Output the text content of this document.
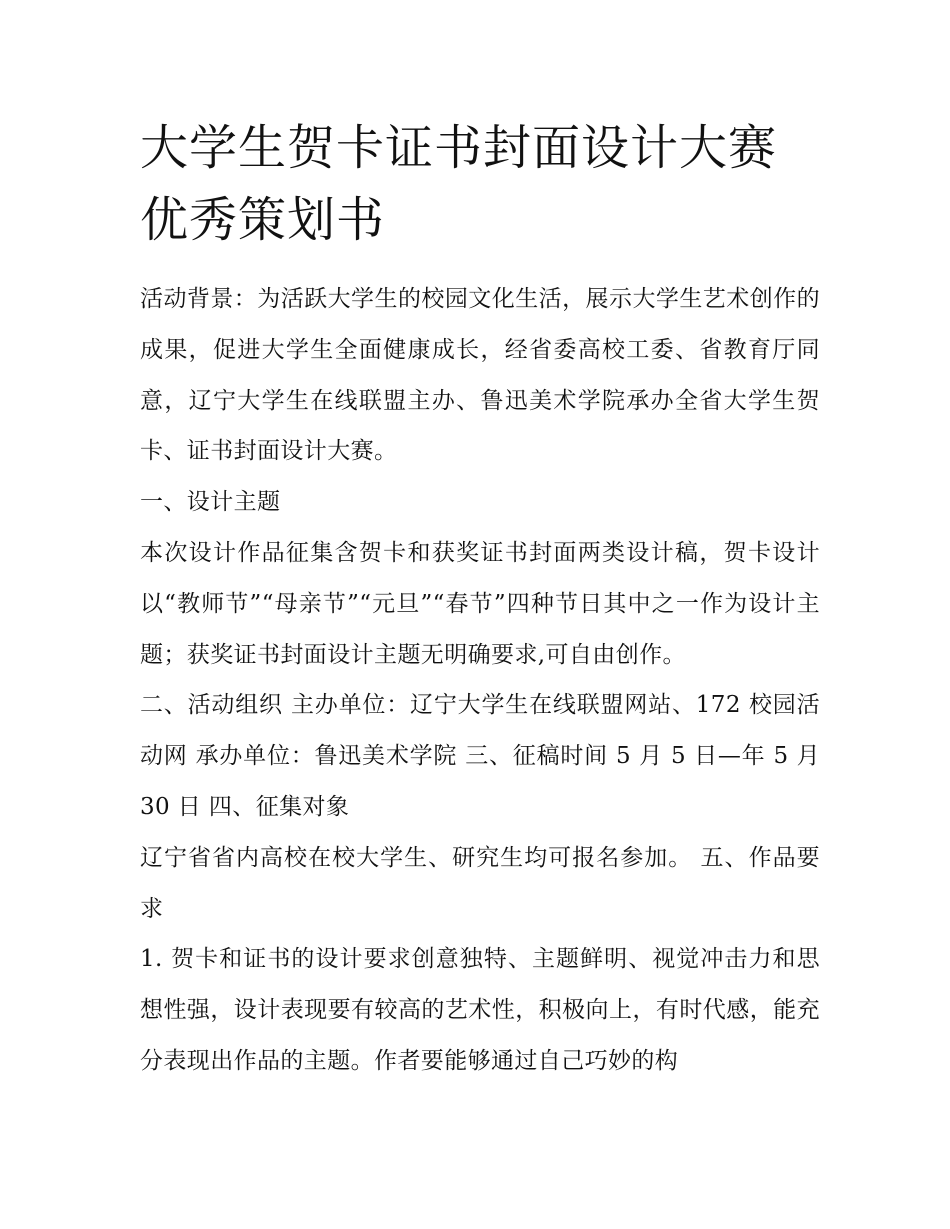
大学生贺卡证书封面设计大赛优秀策划书

活动背景：为活跃大学生的校园文化生活，展示大学生艺术创作的成果，促进大学生全面健康成长，经省委高校工委、省教育厅同意，辽宁大学生在线联盟主办、鲁迅美术学院承办全省大学生贺卡、证书封面设计大赛。

一、设计主题

本次设计作品征集含贺卡和获奖证书封面两类设计稿，贺卡设计以“教师节”“母亲节”“元旦”“春节”四种节日其中之一作为设计主题；获奖证书封面设计主题无明确要求,可自由创作。

二、活动组织 主办单位：辽宁大学生在线联盟网站、172 校园活动网 承办单位：鲁迅美术学院 三、征稿时间 5 月 5 日—年 5 月 30 日 四、征集对象

辽宁省省内高校在校大学生、研究生均可报名参加。 五、作品要求

1. 贺卡和证书的设计要求创意独特、主题鲜明、视觉冲击力和思想性强，设计表现要有较高的艺术性，积极向上，有时代感，能充分表现出作品的主题。作者要能够通过自己巧妙的构
